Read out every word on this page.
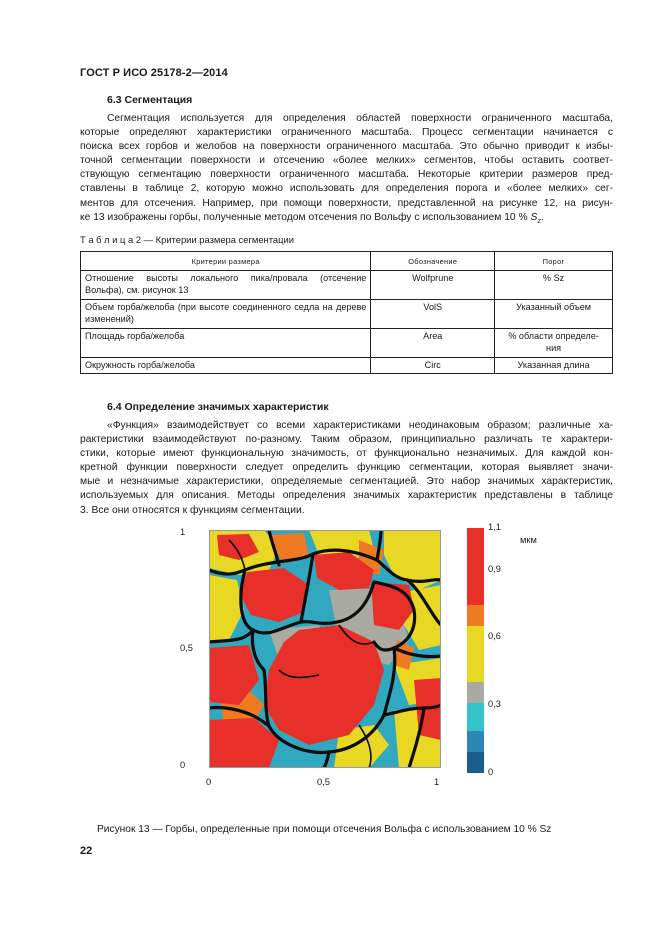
ГОСТ Р ИСО 25178-2—2014
6.3 Сегментация
Сегментация используется для определения областей поверхности ограниченного масштаба,
которые определяют характеристики ограниченного масштаба. Процесс сегментации начинается с
поиска всех горбов и желобов на поверхности ограниченного масштаба. Это обычно приводит к избы-
точной сегментации поверхности и отсечению «более мелких» сегментов, чтобы оставить соответ-
ствующую сегментацию поверхности ограниченного масштаба. Некоторые критерии размеров пред-
ставлены в таблице 2, которую можно использовать для определения порога и «более мелких» сег-
ментов для отсечения. Например, при помощи поверхности, представленной на рисунке 12, на рисун-
ке 13 изображены горбы, полученные методом отсечения по Вольфу с использованием 10 % $S_z$.
Т а б л и ц а 2 — Критерии размера сегментации
Критерии размера	Обозначение	Порог
Отношение высоты локального пика/провала (отсечение Вольфа), см. рисунок 13	Wolfprune	% Sz
Объем горба/желоба (при высоте соединенного седла на дереве изменений)	VolS	Указанный объем
Площадь горба/желоба	Area	% области определе-ния
Окружность горба/желоба	Circ	Указанная длина
6.4 Определение значимых характеристик
«Функция» взаимодействует со всеми характеристиками неодинаковым образом; различные ха-
рактеристики взаимодействуют по-разному. Таким образом, принципиально различать те характери-
стики, которые имеют функциональную значимость, от функционально незначимых. Для каждой кон-
кретной функции поверхности следует определить функцию сегментации, которая выявляет значи-
мые и незначимые характеристики, определяемые сегментацией. Это набор значимых характеристик,
используемых для описания. Методы определения значимых характеристик представлены в таблице
3. Все они относятся к функциям сегментации.
1
0,5
0
0	0,5	1
1,1
мкм
0,9
0,6
0,3
0
Рисунок 13 — Горбы, определенные при помощи отсечения Вольфа с использованием 10 % Sz
22
